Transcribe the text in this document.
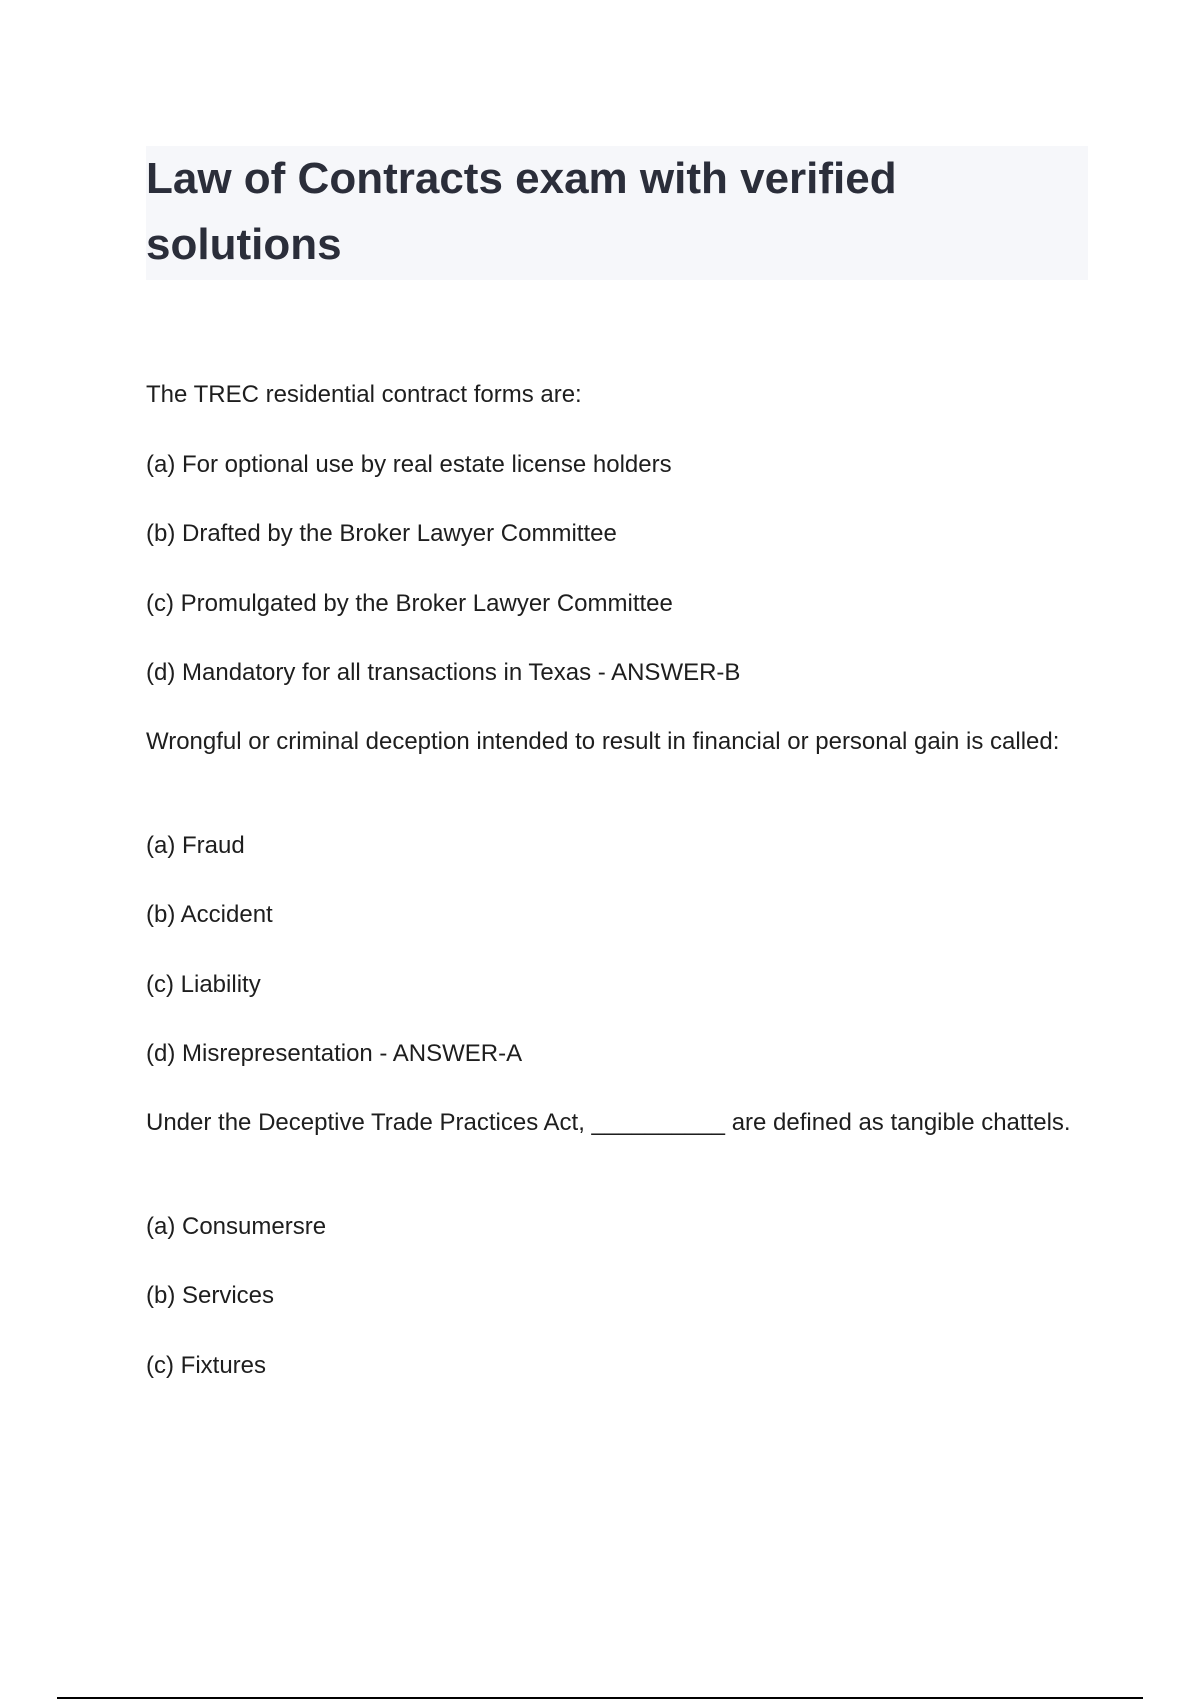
Law of Contracts exam with verified solutions

The TREC residential contract forms are:

(a) For optional use by real estate license holders

(b) Drafted by the Broker Lawyer Committee

(c) Promulgated by the Broker Lawyer Committee

(d) Mandatory for all transactions in Texas - ANSWER-B

Wrongful or criminal deception intended to result in financial or personal gain is called:

(a) Fraud

(b) Accident

(c) Liability

(d) Misrepresentation - ANSWER-A

Under the Deceptive Trade Practices Act, __________ are defined as tangible chattels.

(a) Consumersre

(b) Services

(c) Fixtures
